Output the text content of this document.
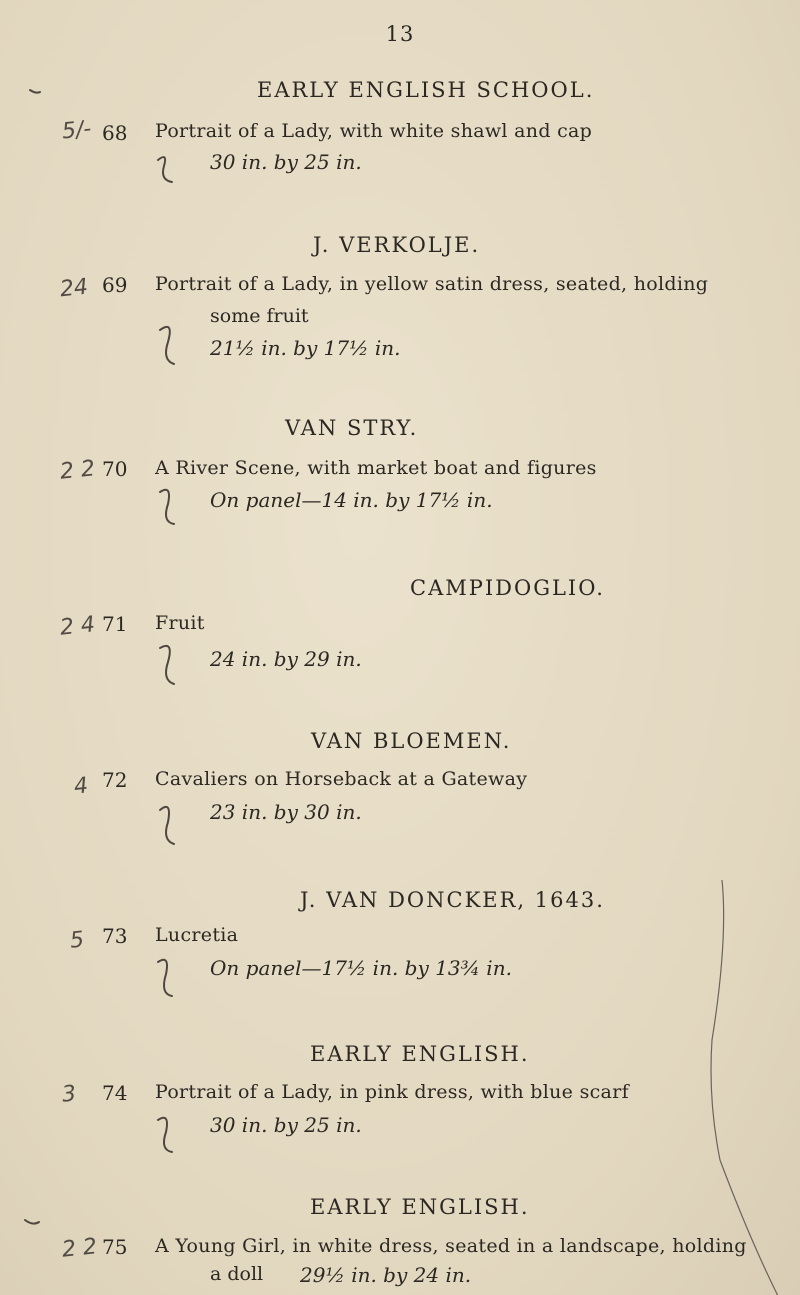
13
EARLY ENGLISH SCHOOL.
5/- 68 Portrait of a Lady, with white shawl and cap
30 in. by 25 in.
J. VERKOLJE.
24 69 Portrait of a Lady, in yellow satin dress, seated, holding
some fruit
21½ in. by 17½ in.
VAN STRY.
2 2 70 A River Scene, with market boat and figures
On panel—14 in. by 17½ in.
CAMPIDOGLIO.
2 4 71 Fruit
24 in. by 29 in.
VAN BLOEMEN.
4 72 Cavaliers on Horseback at a Gateway
23 in. by 30 in.
J. VAN DONCKER, 1643.
5 73 Lucretia
On panel—17½ in. by 13¾ in.
EARLY ENGLISH.
3 74 Portrait of a Lady, in pink dress, with blue scarf
30 in. by 25 in.
EARLY ENGLISH.
2 2 75 A Young Girl, in white dress, seated in a landscape, holding
a doll 29½ in. by 24 in.
